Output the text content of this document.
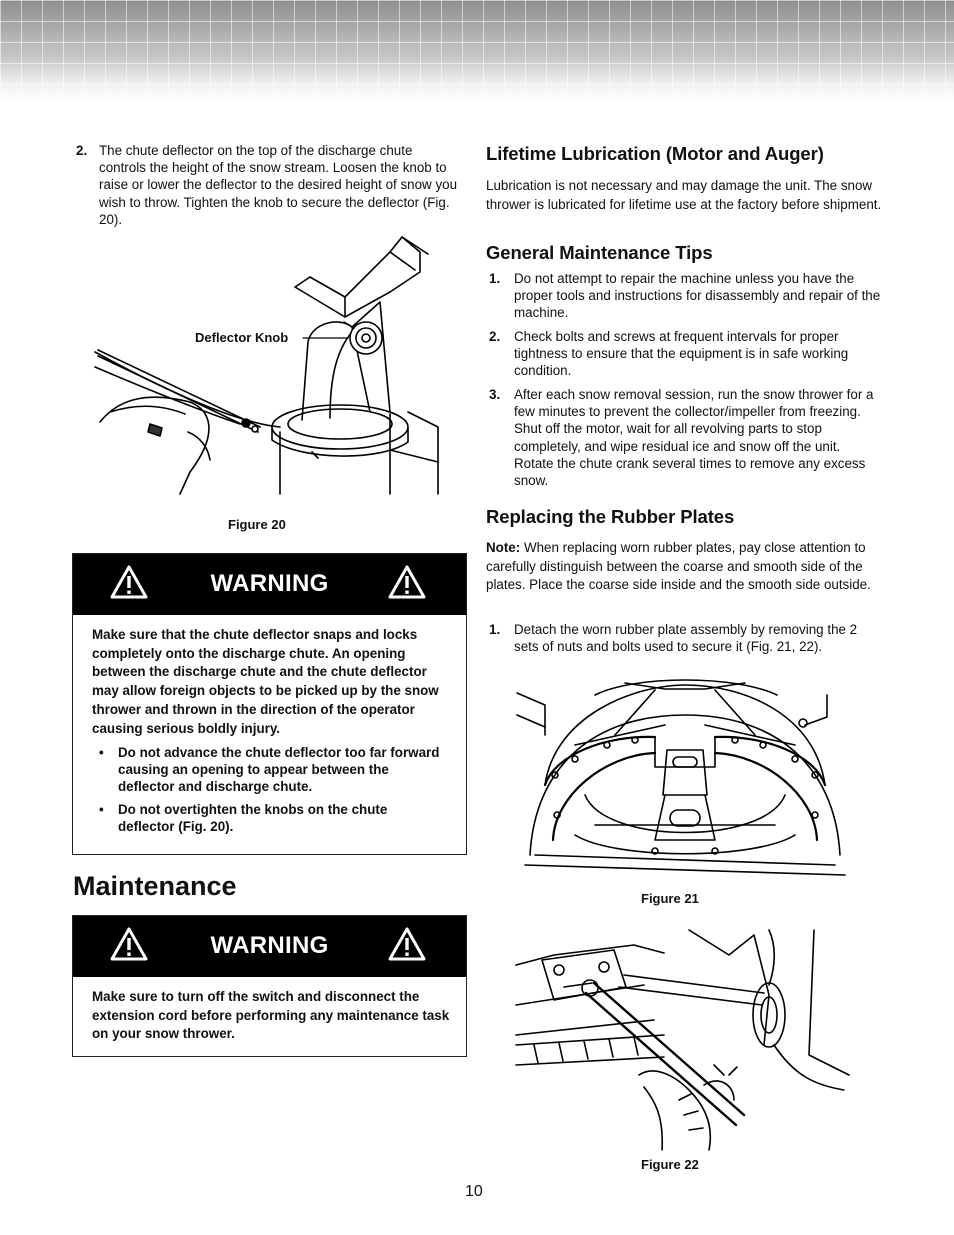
2. The chute deflector on the top of the discharge chute controls the height of the snow stream. Loosen the knob to raise or lower the deflector to the desired height of snow you wish to throw. Tighten the knob to secure the deflector (Fig. 20).
Deflector Knob
Figure 20
WARNING
Make sure that the chute deflector snaps and locks completely onto the discharge chute. An opening between the discharge chute and the chute deflector may allow foreign objects to be picked up by the snow thrower and thrown in the direction of the operator causing serious boldly injury.
• Do not advance the chute deflector too far forward causing an opening to appear between the deflector and discharge chute.
• Do not overtighten the knobs on the chute deflector (Fig. 20).
Maintenance
WARNING
Make sure to turn off the switch and disconnect the extension cord before performing any maintenance task on your snow thrower.
Lifetime Lubrication (Motor and Auger)
Lubrication is not necessary and may damage the unit. The snow thrower is lubricated for lifetime use at the factory before shipment.
General Maintenance Tips
1. Do not attempt to repair the machine unless you have the proper tools and instructions for disassembly and repair of the machine.
2. Check bolts and screws at frequent intervals for proper tightness to ensure that the equipment is in safe working condition.
3. After each snow removal session, run the snow thrower for a few minutes to prevent the collector/impeller from freezing. Shut off the motor, wait for all revolving parts to stop completely, and wipe residual ice and snow off the unit. Rotate the chute crank several times to remove any excess snow.
Replacing the Rubber Plates
Note: When replacing worn rubber plates, pay close attention to carefully distinguish between the coarse and smooth side of the plates. Place the coarse side inside and the smooth side outside.
1. Detach the worn rubber plate assembly by removing the 2 sets of nuts and bolts used to secure it (Fig. 21, 22).
Figure 21
Figure 22
10
